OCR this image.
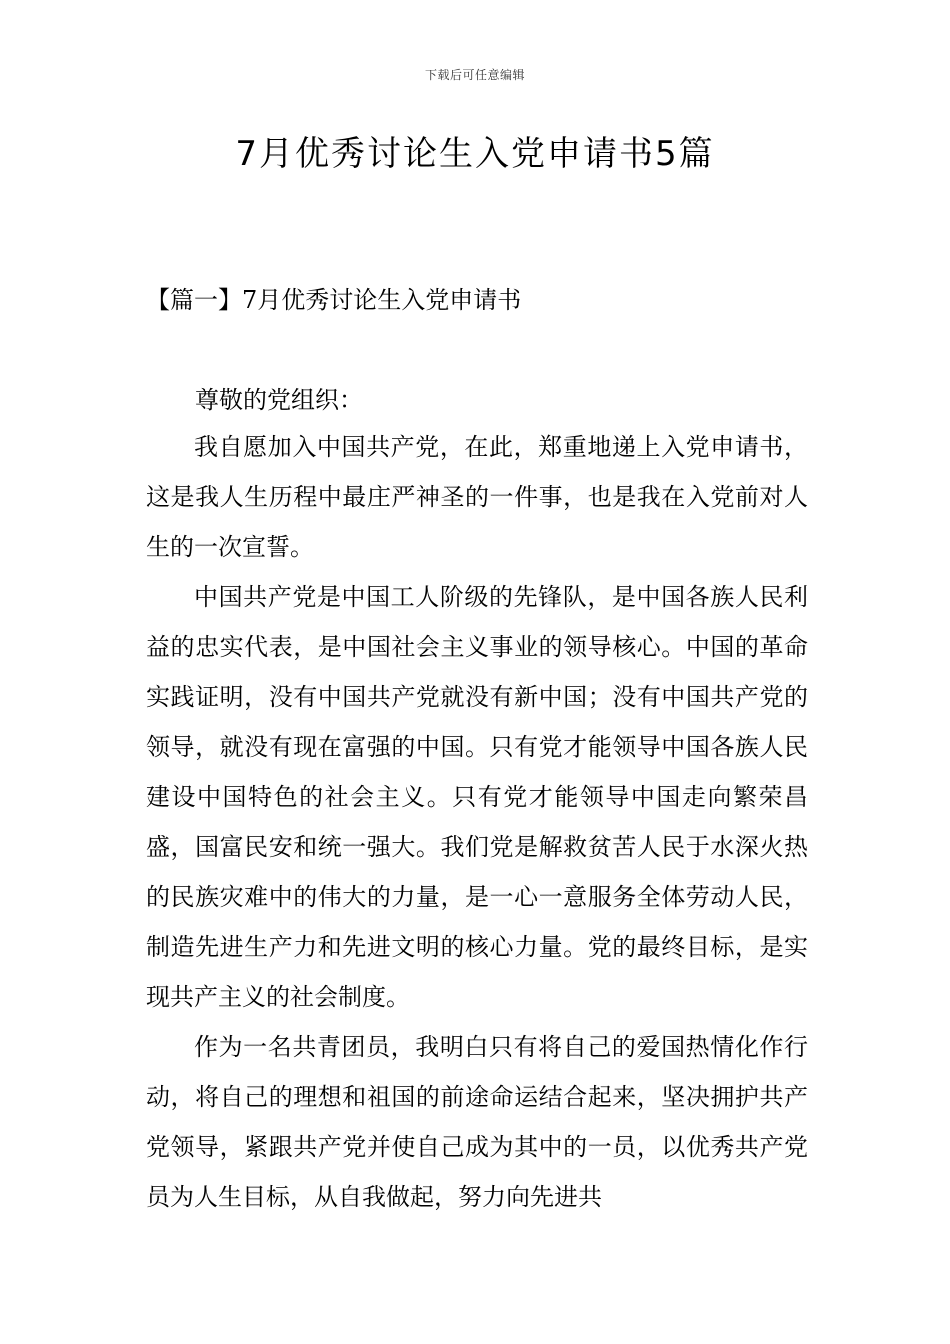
下载后可任意编辑
7月优秀讨论生入党申请书5篇
【篇一】7月优秀讨论生入党申请书
尊敬的党组织：

我自愿加入中国共产党，在此，郑重地递上入党申请书，这是我人生历程中最庄严神圣的一件事，也是我在入党前对人生的一次宣誓。

中国共产党是中国工人阶级的先锋队，是中国各族人民利益的忠实代表，是中国社会主义事业的领导核心。中国的革命实践证明，没有中国共产党就没有新中国；没有中国共产党的领导，就没有现在富强的中国。只有党才能领导中国各族人民建设中国特色的社会主义。只有党才能领导中国走向繁荣昌盛，国富民安和统一强大。我们党是解救贫苦人民于水深火热的民族灾难中的伟大的力量，是一心一意服务全体劳动人民，制造先进生产力和先进文明的核心力量。党的最终目标，是实现共产主义的社会制度。

作为一名共青团员，我明白只有将自己的爱国热情化作行动，将自己的理想和祖国的前途命运结合起来，坚决拥护共产党领导，紧跟共产党并使自己成为其中的一员，以优秀共产党员为人生目标，从自我做起，努力向先进共
